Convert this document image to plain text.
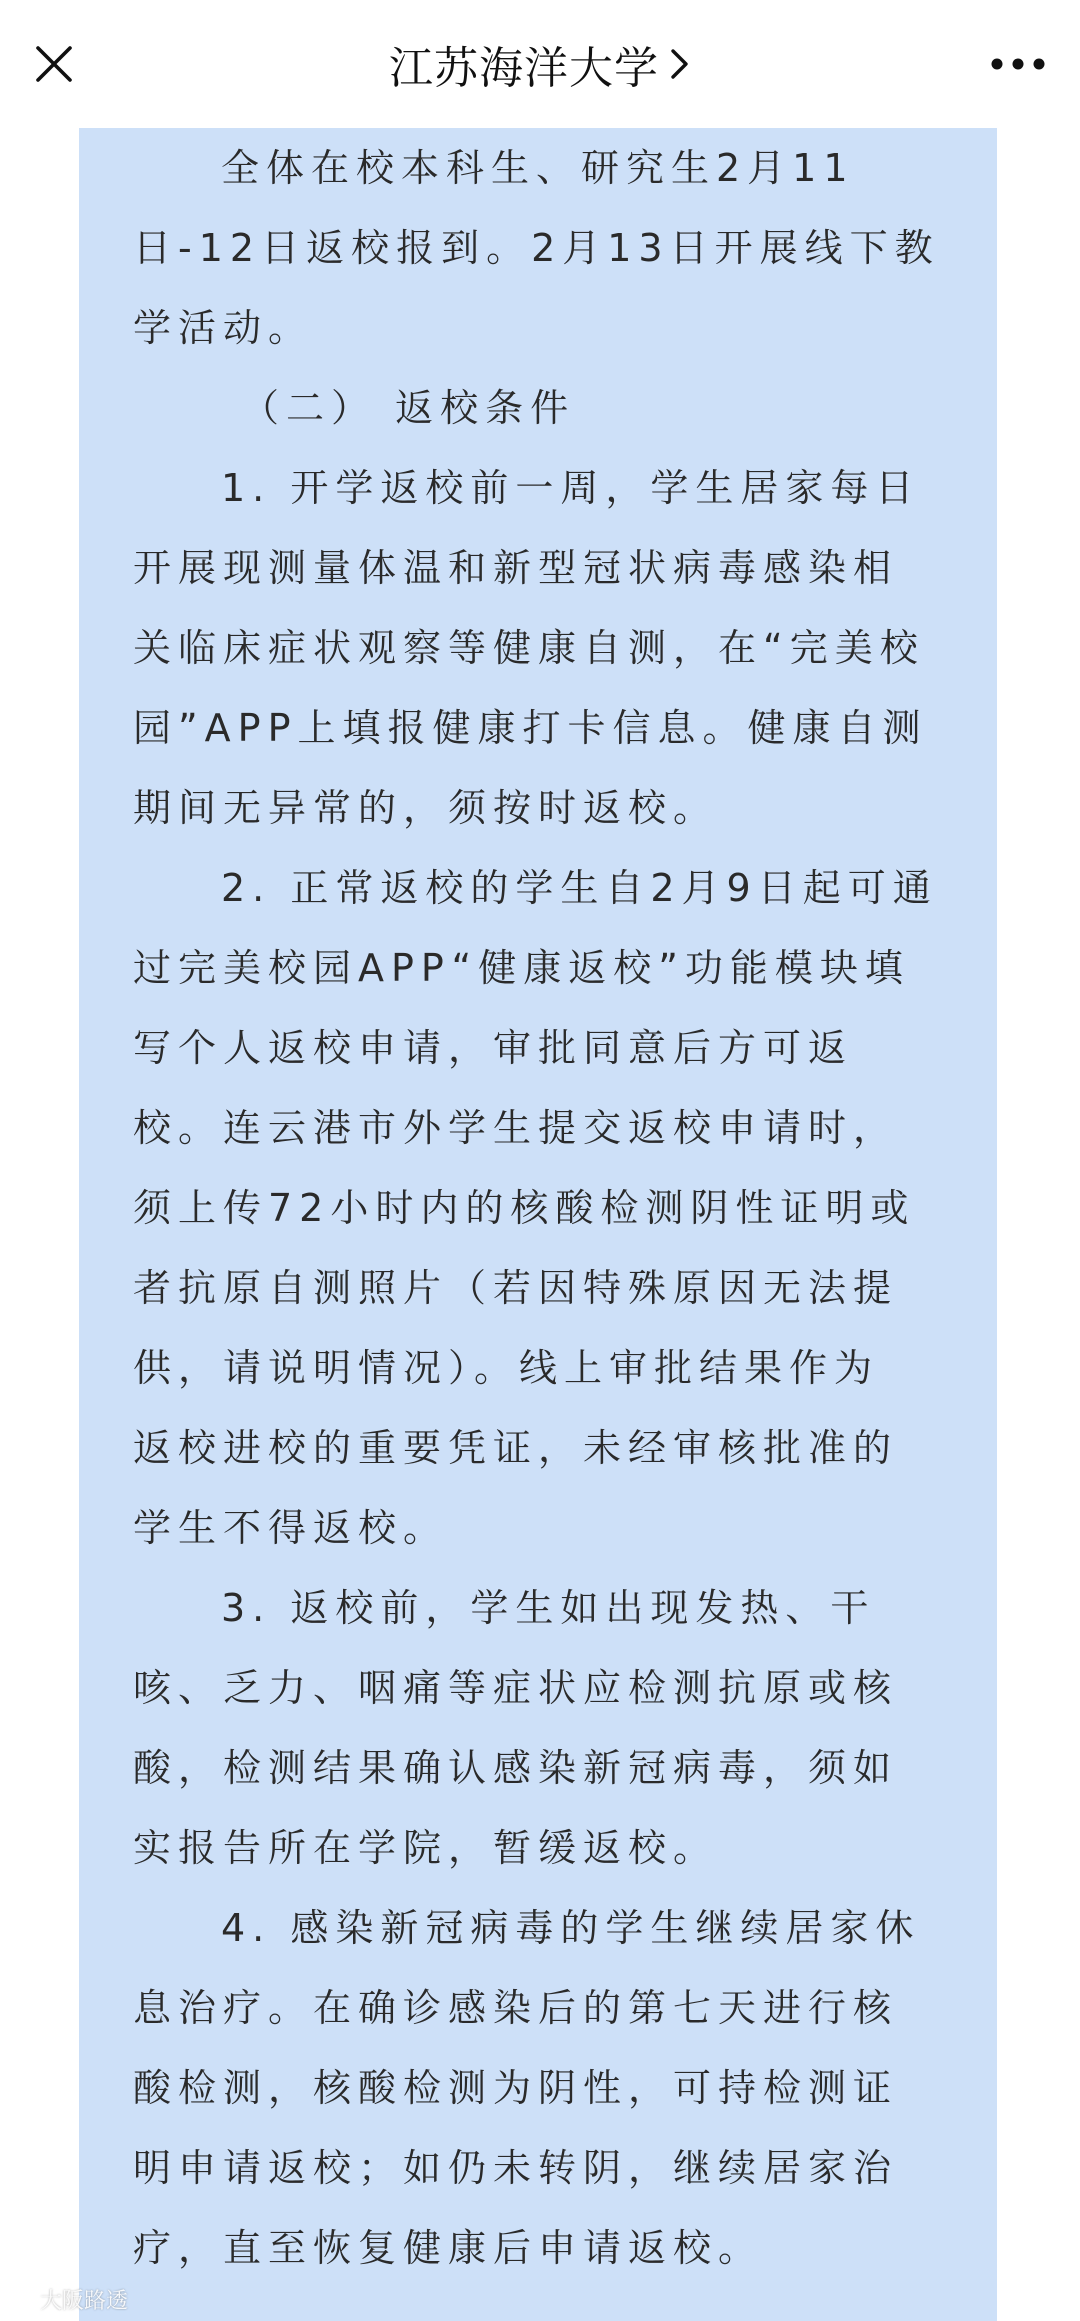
江苏海洋大学
全体在校本科生、研究生2月11
日-12日返校报到。2月13日开展线下教
学活动。
（二） 返校条件
1. 开学返校前一周，学生居家每日
开展现测量体温和新型冠状病毒感染相
关临床症状观察等健康自测，在“完美校
园”APP上填报健康打卡信息。健康自测
期间无异常的，须按时返校。
2. 正常返校的学生自2月9日起可通
过完美校园APP“健康返校”功能模块填
写个人返校申请，审批同意后方可返
校。连云港市外学生提交返校申请时，
须上传72小时内的核酸检测阴性证明或
者抗原自测照片（若因特殊原因无法提
供，请说明情况）。线上审批结果作为
返校进校的重要凭证，未经审核批准的
学生不得返校。
3. 返校前，学生如出现发热、干
咳、乏力、咽痛等症状应检测抗原或核
酸，检测结果确认感染新冠病毒，须如
实报告所在学院，暂缓返校。
4. 感染新冠病毒的学生继续居家休
息治疗。在确诊感染后的第七天进行核
酸检测，核酸检测为阴性，可持检测证
明申请返校；如仍未转阴，继续居家治
疗，直至恢复健康后申请返校。
大阪路透
